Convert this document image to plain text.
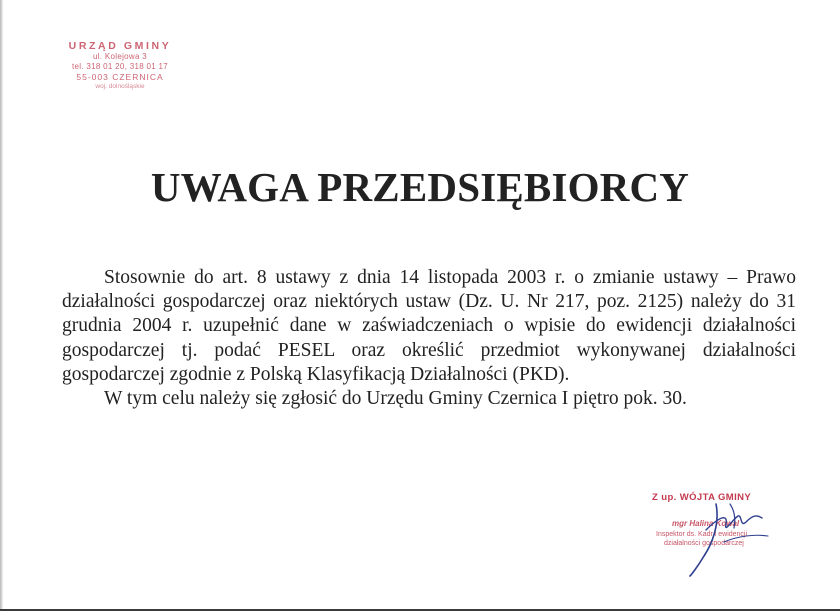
URZĄD GMINY
ul. Kolejowa 3
tel. 318 01 20, 318 01 17
55-003 CZERNICA
woj. dolnośląskie
UWAGA PRZEDSIĘBIORCY

Stosownie do art. 8 ustawy z dnia 14 listopada 2003 r. o zmianie ustawy – Prawo działalności gospodarczej oraz niektórych ustaw (Dz. U. Nr 217, poz. 2125) należy do 31 grudnia 2004 r. uzupełnić dane w zaświadczeniach o wpisie do ewidencji działalności gospodarczej tj. podać PESEL oraz określić przedmiot wykonywanej działalności gospodarczej zgodnie z Polską Klasyfikacją Działalności (PKD).

W tym celu należy się zgłosić do Urzędu Gminy Czernica I piętro pok. 30.

Z up. WÓJTA GMINY
mgr Halina Kowal
Inspektor ds. Kadr i ewidencji
działalności gospodarczej
